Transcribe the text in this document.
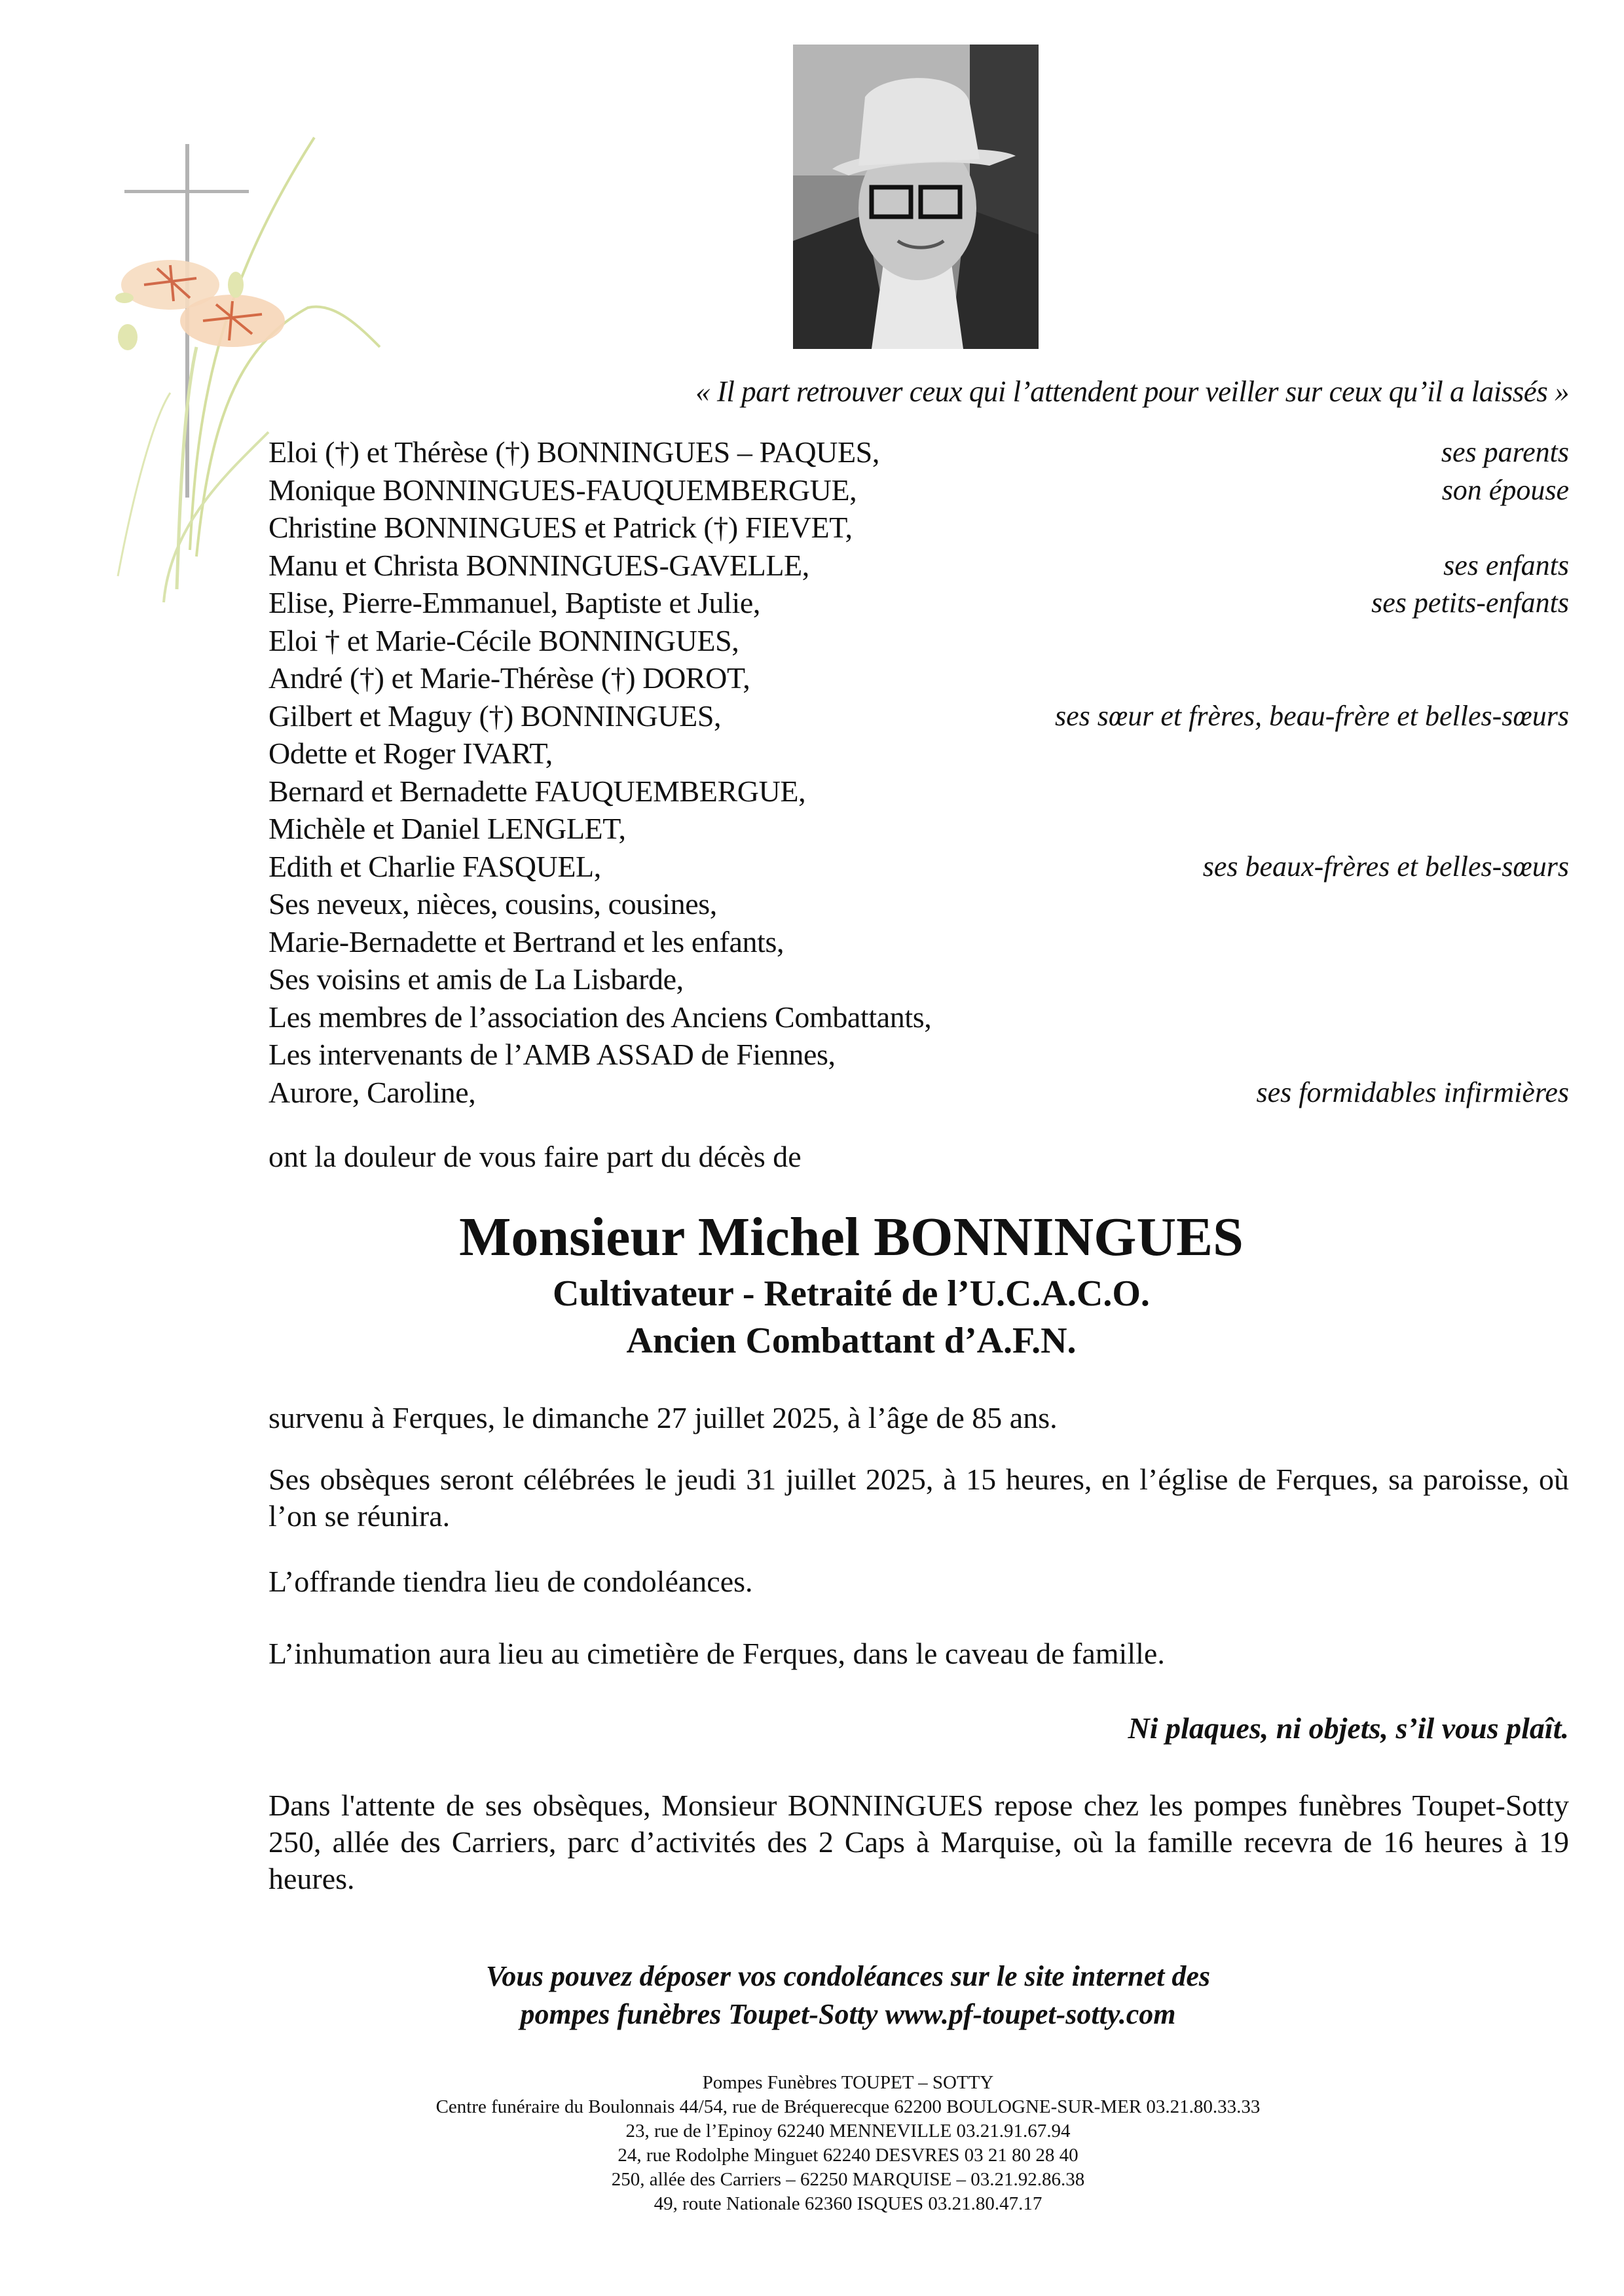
« Il part retrouver ceux qui l’attendent pour veiller sur ceux qu’il a laissés »
Eloi (†) et Thérèse (†) BONNINGUES – PAQUES,	ses parents
Monique BONNINGUES-FAUQUEMBERGUE,	son épouse
Christine BONNINGUES et Patrick (†) FIEVET,
Manu et Christa BONNINGUES-GAVELLE,	ses enfants
Elise, Pierre-Emmanuel, Baptiste et Julie,	ses petits-enfants
Eloi † et Marie-Cécile BONNINGUES,
André (†) et Marie-Thérèse (†) DOROT,
Gilbert et Maguy (†) BONNINGUES,	ses sœur et frères, beau-frère et belles-sœurs
Odette et Roger IVART,
Bernard et Bernadette FAUQUEMBERGUE,
Michèle et Daniel LENGLET,
Edith et Charlie FASQUEL,	ses beaux-frères et belles-sœurs
Ses neveux, nièces, cousins, cousines,
Marie-Bernadette et Bertrand et les enfants,
Ses voisins et amis de La Lisbarde,
Les membres de l’association des Anciens Combattants,
Les intervenants de l’AMB ASSAD de Fiennes,
Aurore, Caroline,	ses formidables infirmières
ont la douleur de vous faire part du décès de
Monsieur Michel BONNINGUES
Cultivateur - Retraité de l’U.C.A.C.O.
Ancien Combattant d’A.F.N.
survenu à Ferques, le dimanche 27 juillet 2025, à l’âge de 85 ans.
Ses obsèques seront célébrées le jeudi 31 juillet 2025, à 15 heures, en l’église de Ferques, sa paroisse, où l’on se réunira.
L’offrande tiendra lieu de condoléances.
L’inhumation aura lieu au cimetière de Ferques, dans le caveau de famille.
Ni plaques, ni objets, s’il vous plaît.
Dans l'attente de ses obsèques, Monsieur BONNINGUES repose chez les pompes funèbres Toupet-Sotty 250, allée des Carriers, parc d’activités des 2 Caps à Marquise, où la famille recevra de 16 heures à 19 heures.
Vous pouvez déposer vos condoléances sur le site internet des
pompes funèbres Toupet-Sotty www.pf-toupet-sotty.com
Pompes Funèbres TOUPET – SOTTY
Centre funéraire du Boulonnais 44/54, rue de Bréquerecque 62200 BOULOGNE-SUR-MER 03.21.80.33.33
23, rue de l’Epinoy 62240 MENNEVILLE 03.21.91.67.94
24, rue Rodolphe Minguet 62240 DESVRES 03 21 80 28 40
250, allée des Carriers – 62250 MARQUISE – 03.21.92.86.38
49, route Nationale 62360 ISQUES 03.21.80.47.17
